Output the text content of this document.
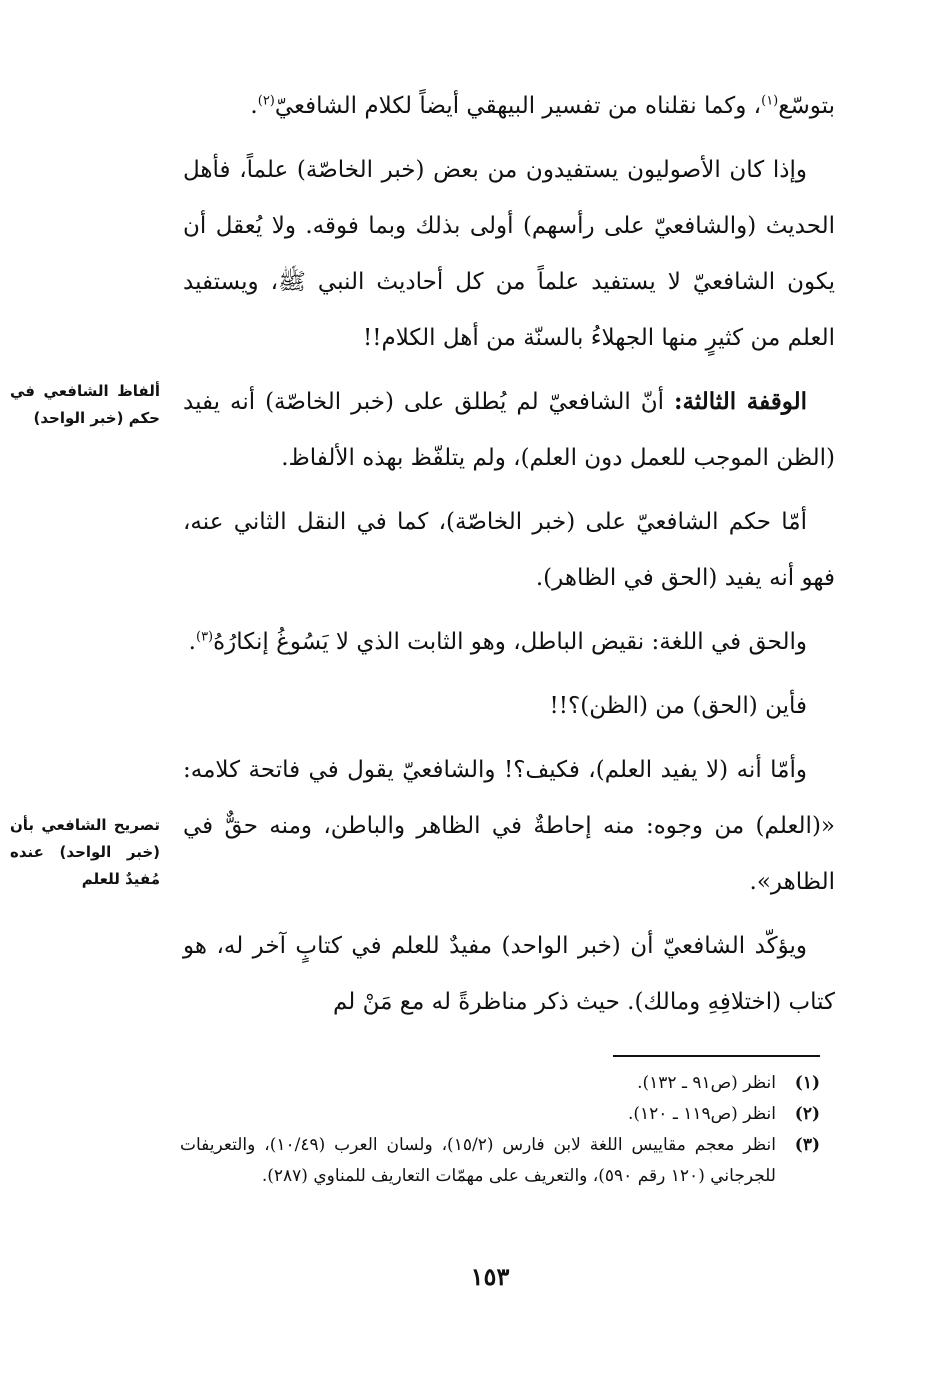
بتوسّع$^{(١)}$، وكما نقلناه من تفسير البيهقي أيضاً لكلام الشافعيّ$^{(٢)}$.

وإذا كان الأصوليون يستفيدون من بعض (خبر الخاصّة) علماً، فأهل الحديث (والشافعيّ على رأسهم) أولى بذلك وبما فوقه. ولا يُعقل أن يكون الشافعيّ لا يستفيد علماً من كل أحاديث النبي ﷺ، ويستفيد العلم من كثيرٍ منها الجهلاءُ بالسنّة من أهل الكلام!!

الوقفة الثالثة: أنّ الشافعيّ لم يُطلق على (خبر الخاصّة) أنه يفيد (الظن الموجب للعمل دون العلم)، ولم يتلفّظ بهذه الألفاظ.

أمّا حكم الشافعيّ على (خبر الخاصّة)، كما في النقل الثاني عنه، فهو أنه يفيد (الحق في الظاهر).

والحق في اللغة: نقيض الباطل، وهو الثابت الذي لا يَسُوغُ إنكارُهُ$^{(٣)}$.

فأين (الحق) من (الظن)؟!!

وأمّا أنه (لا يفيد العلم)، فكيف؟! والشافعيّ يقول في فاتحة كلامه: «(العلم) من وجوه: منه إحاطةٌ في الظاهر والباطن، ومنه حقٌّ في الظاهر».

ويؤكّد الشافعيّ أن (خبر الواحد) مفيدٌ للعلم في كتابٍ آخر له، هو كتاب (اختلافِهِ ومالك). حيث ذكر مناظرةً له مع مَنْ لم

ألفاظ الشافعي في حكم (خبر الواحد)
تصريح الشافعي بأن (خبر الواحد) عنده مُفيدٌ للعلم
(١)
انظر (ص٩١ ـ ١٣٢).
(٢)
انظر (ص١١٩ ـ ١٢٠).
(٣)
انظر معجم مقاييس اللغة لابن فارس (١٥/٢)، ولسان العرب (١٠/٤٩)، والتعريفات للجرجاني (١٢٠ رقم ٥٩٠)، والتعريف على مهمّات التعاريف للمناوي (٢٨٧).
١٥٣
